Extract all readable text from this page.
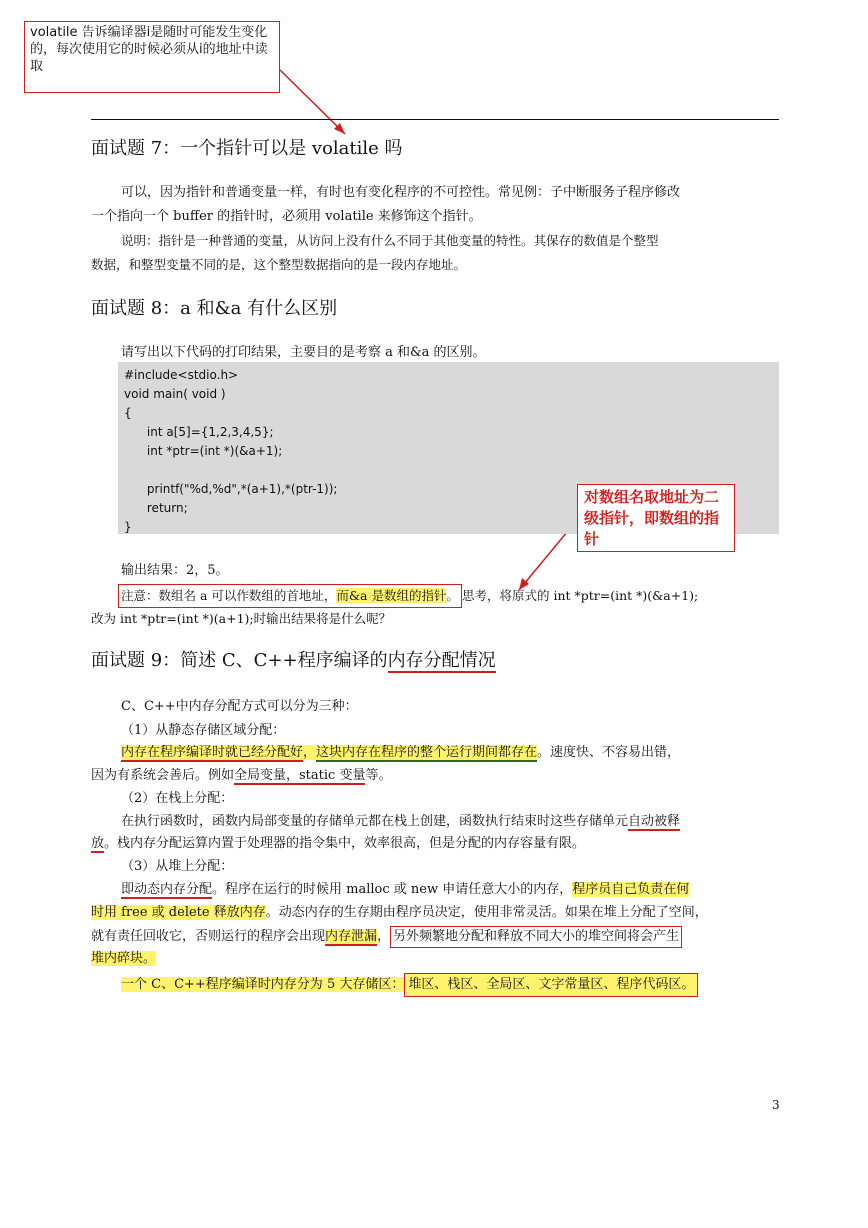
volatile 告诉编译器i是随时可能发生变化的，每次使用它的时候必须从i的地址中读取
面试题 7：一个指针可以是 volatile 吗
可以，因为指针和普通变量一样，有时也有变化程序的不可控性。常见例：子中断服务子程序修改
一个指向一个 buffer 的指针时，必须用 volatile 来修饰这个指针。
说明：指针是一种普通的变量，从访问上没有什么不同于其他变量的特性。其保存的数值是个整型
数据，和整型变量不同的是，这个整型数据指向的是一段内存地址。
面试题 8：a 和&a 有什么区别
请写出以下代码的打印结果，主要目的是考察 a 和&a 的区别。
#include<stdio.h>
void main( void )
{
int a[5]={1,2,3,4,5};
int *ptr=(int *)(&a+1);
printf("%d,%d",*(a+1),*(ptr-1));
return;
}
对数组名取地址为二级指针，即数组的指针
输出结果：2，5。
注意：数组名 a 可以作数组的首地址，而&a 是数组的指针。 思考，将原式的 int *ptr=(int *)(&a+1);
改为 int *ptr=(int *)(a+1);时输出结果将是什么呢？
面试题 9：简述 C、C++程序编译的内存分配情况
C、C++中内存分配方式可以分为三种：
（1）从静态存储区域分配：
内存在程序编译时就已经分配好，这块内存在程序的整个运行期间都存在。速度快、不容易出错，
因为有系统会善后。例如全局变量，static 变量等。
（2）在栈上分配：
在执行函数时，函数内局部变量的存储单元都在栈上创建，函数执行结束时这些存储单元自动被释
放。栈内存分配运算内置于处理器的指令集中，效率很高，但是分配的内存容量有限。
（3）从堆上分配：
即动态内存分配。程序在运行的时候用 malloc 或 new 申请任意大小的内存，程序员自己负责在何
时用 free 或 delete 释放内存。动态内存的生存期由程序员决定，使用非常灵活。如果在堆上分配了空间，
就有责任回收它，否则运行的程序会出现内存泄漏， 另外频繁地分配和释放不同大小的堆空间将会产生
堆内碎块。
一个 C、C++程序编译时内存分为 5 大存储区： 堆区、栈区、全局区、文字常量区、程序代码区。
3
